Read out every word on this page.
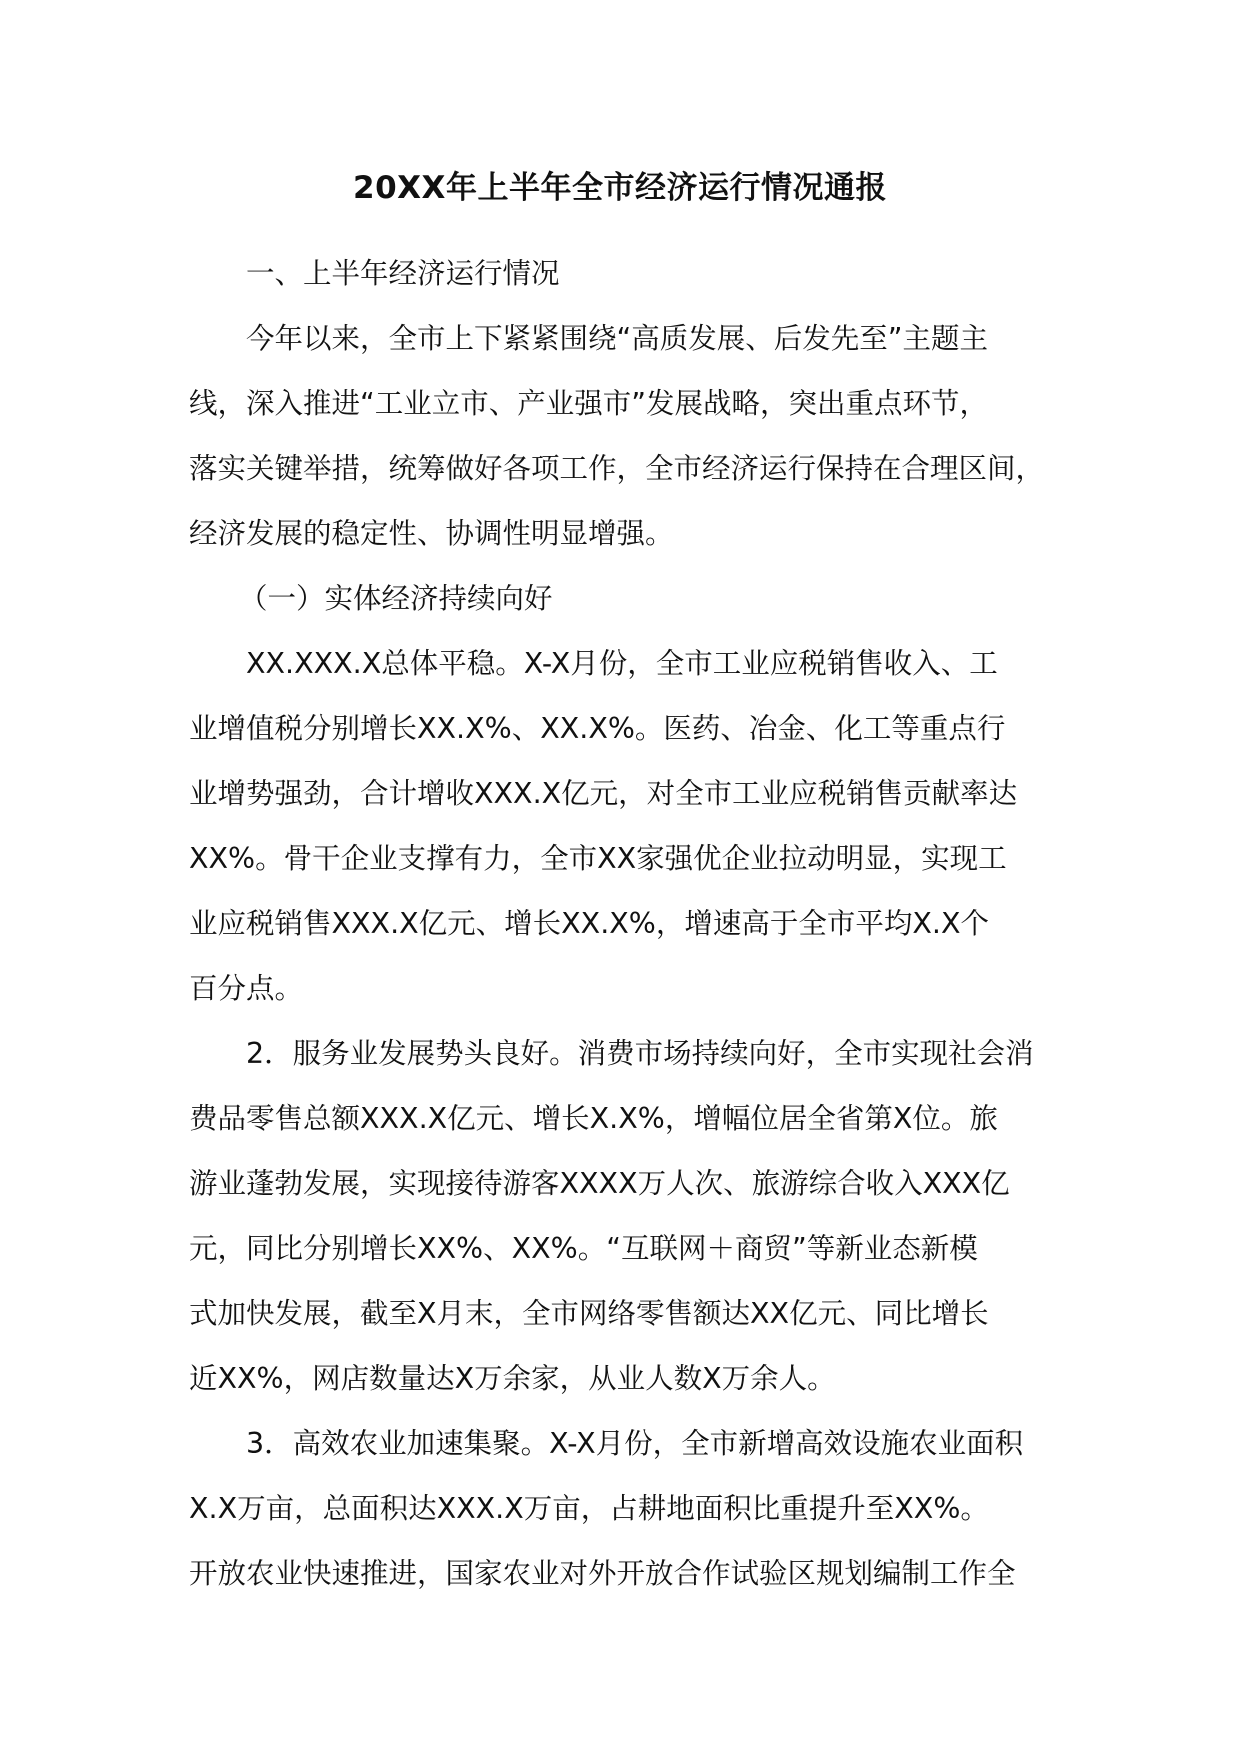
20XX年上半年全市经济运行情况通报
一、上半年经济运行情况
今年以来，全市上下紧紧围绕“高质发展、后发先至”主题主
线，深入推进“工业立市、产业强市”发展战略，突出重点环节，
落实关键举措，统筹做好各项工作，全市经济运行保持在合理区间，
经济发展的稳定性、协调性明显增强。
（一）实体经济持续向好
XX.XXX.X总体平稳。X-X月份，全市工业应税销售收入、工
业增值税分别增长XX.X%、XX.X%。医药、冶金、化工等重点行
业增势强劲，合计增收XXX.X亿元，对全市工业应税销售贡献率达
XX%。骨干企业支撑有力，全市XX家强优企业拉动明显，实现工
业应税销售XXX.X亿元、增长XX.X%，增速高于全市平均X.X个
百分点。
2．服务业发展势头良好。消费市场持续向好，全市实现社会消
费品零售总额XXX.X亿元、增长X.X%，增幅位居全省第X位。旅
游业蓬勃发展，实现接待游客XXXX万人次、旅游综合收入XXX亿
元，同比分别增长XX%、XX%。“互联网＋商贸”等新业态新模
式加快发展，截至X月末，全市网络零售额达XX亿元、同比增长
近XX%，网店数量达X万余家，从业人数X万余人。
3．高效农业加速集聚。X-X月份，全市新增高效设施农业面积
X.X万亩，总面积达XXX.X万亩，占耕地面积比重提升至XX%。
开放农业快速推进，国家农业对外开放合作试验区规划编制工作全
